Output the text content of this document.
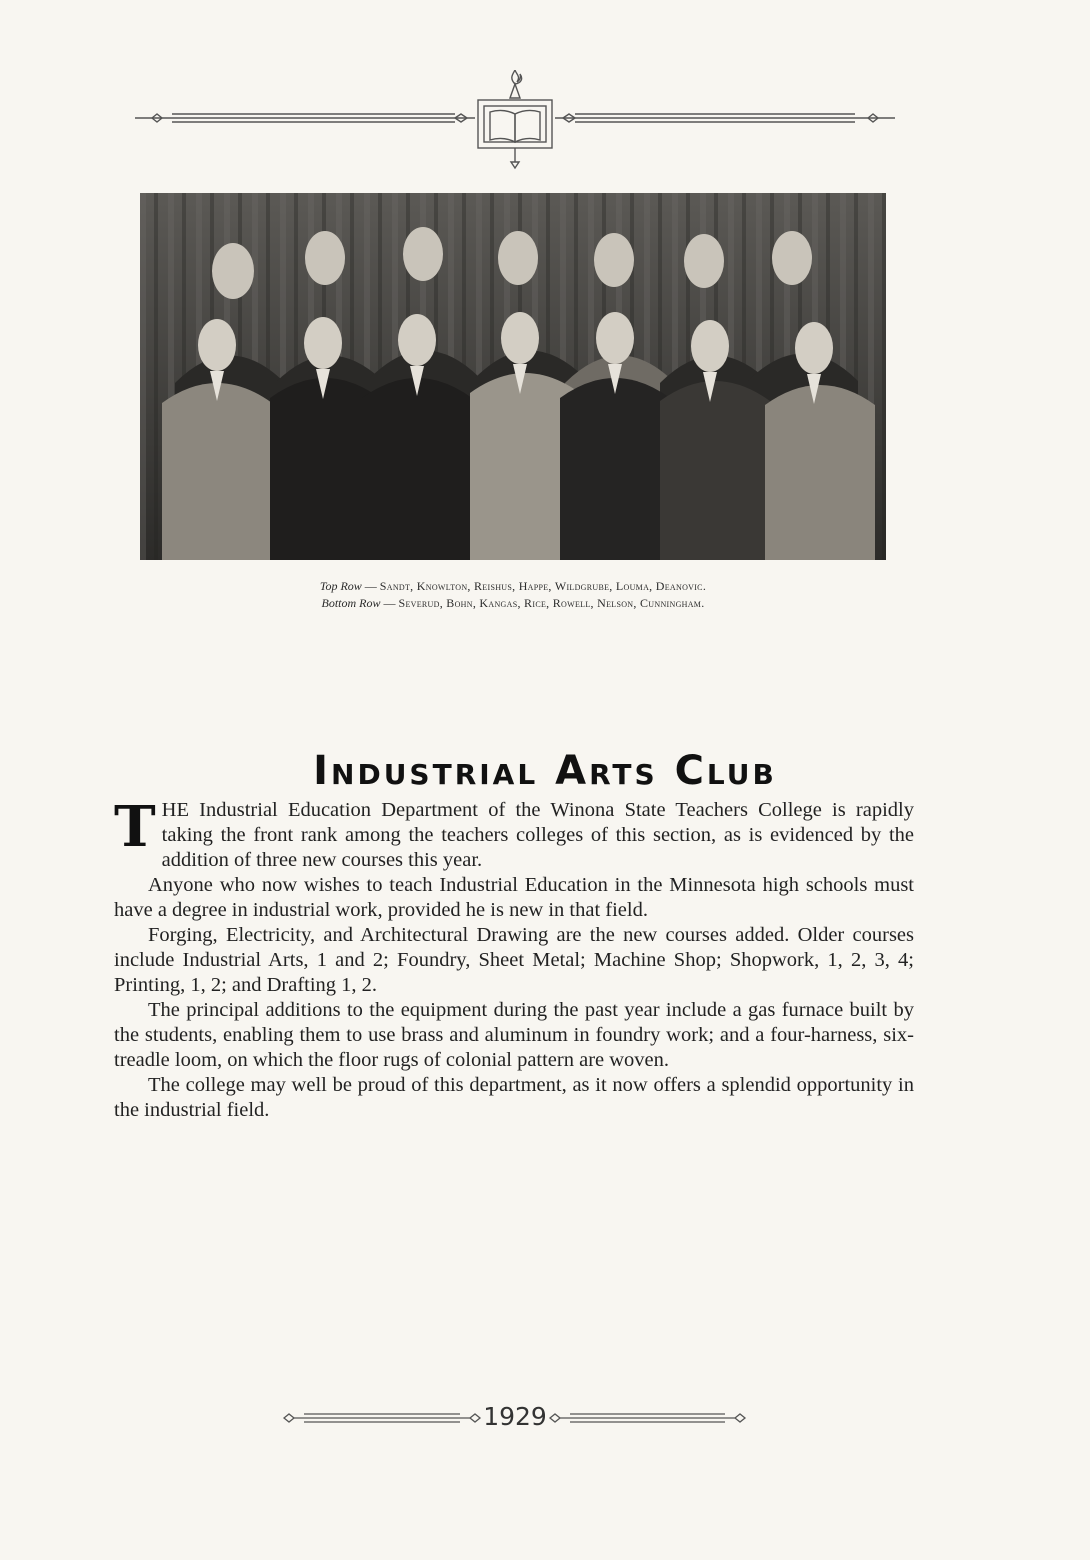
Top Row — Sandt, Knowlton, Reishus, Happe, Wildgrube, Louma, Deanovic.
Bottom Row — Severud, Bohn, Kangas, Rice, Rowell, Nelson, Cunningham.
Industrial Arts Club

THE Industrial Education Department of the Winona State Teachers College is rapidly taking the front rank among the teachers colleges of this section, as is evidenced by the addition of three new courses this year.

Anyone who now wishes to teach Industrial Education in the Minnesota high schools must have a degree in industrial work, provided he is new in that field.

Forging, Electricity, and Architectural Drawing are the new courses added. Older courses include Industrial Arts, 1 and 2; Foundry, Sheet Metal; Machine Shop; Shopwork, 1, 2, 3, 4; Printing, 1, 2; and Drafting 1, 2.

The principal additions to the equipment during the past year include a gas furnace built by the students, enabling them to use brass and aluminum in foundry work; and a four-harness, six-treadle loom, on which the floor rugs of colonial pattern are woven.

The college may well be proud of this department, as it now offers a splendid opportunity in the industrial field.

1929
